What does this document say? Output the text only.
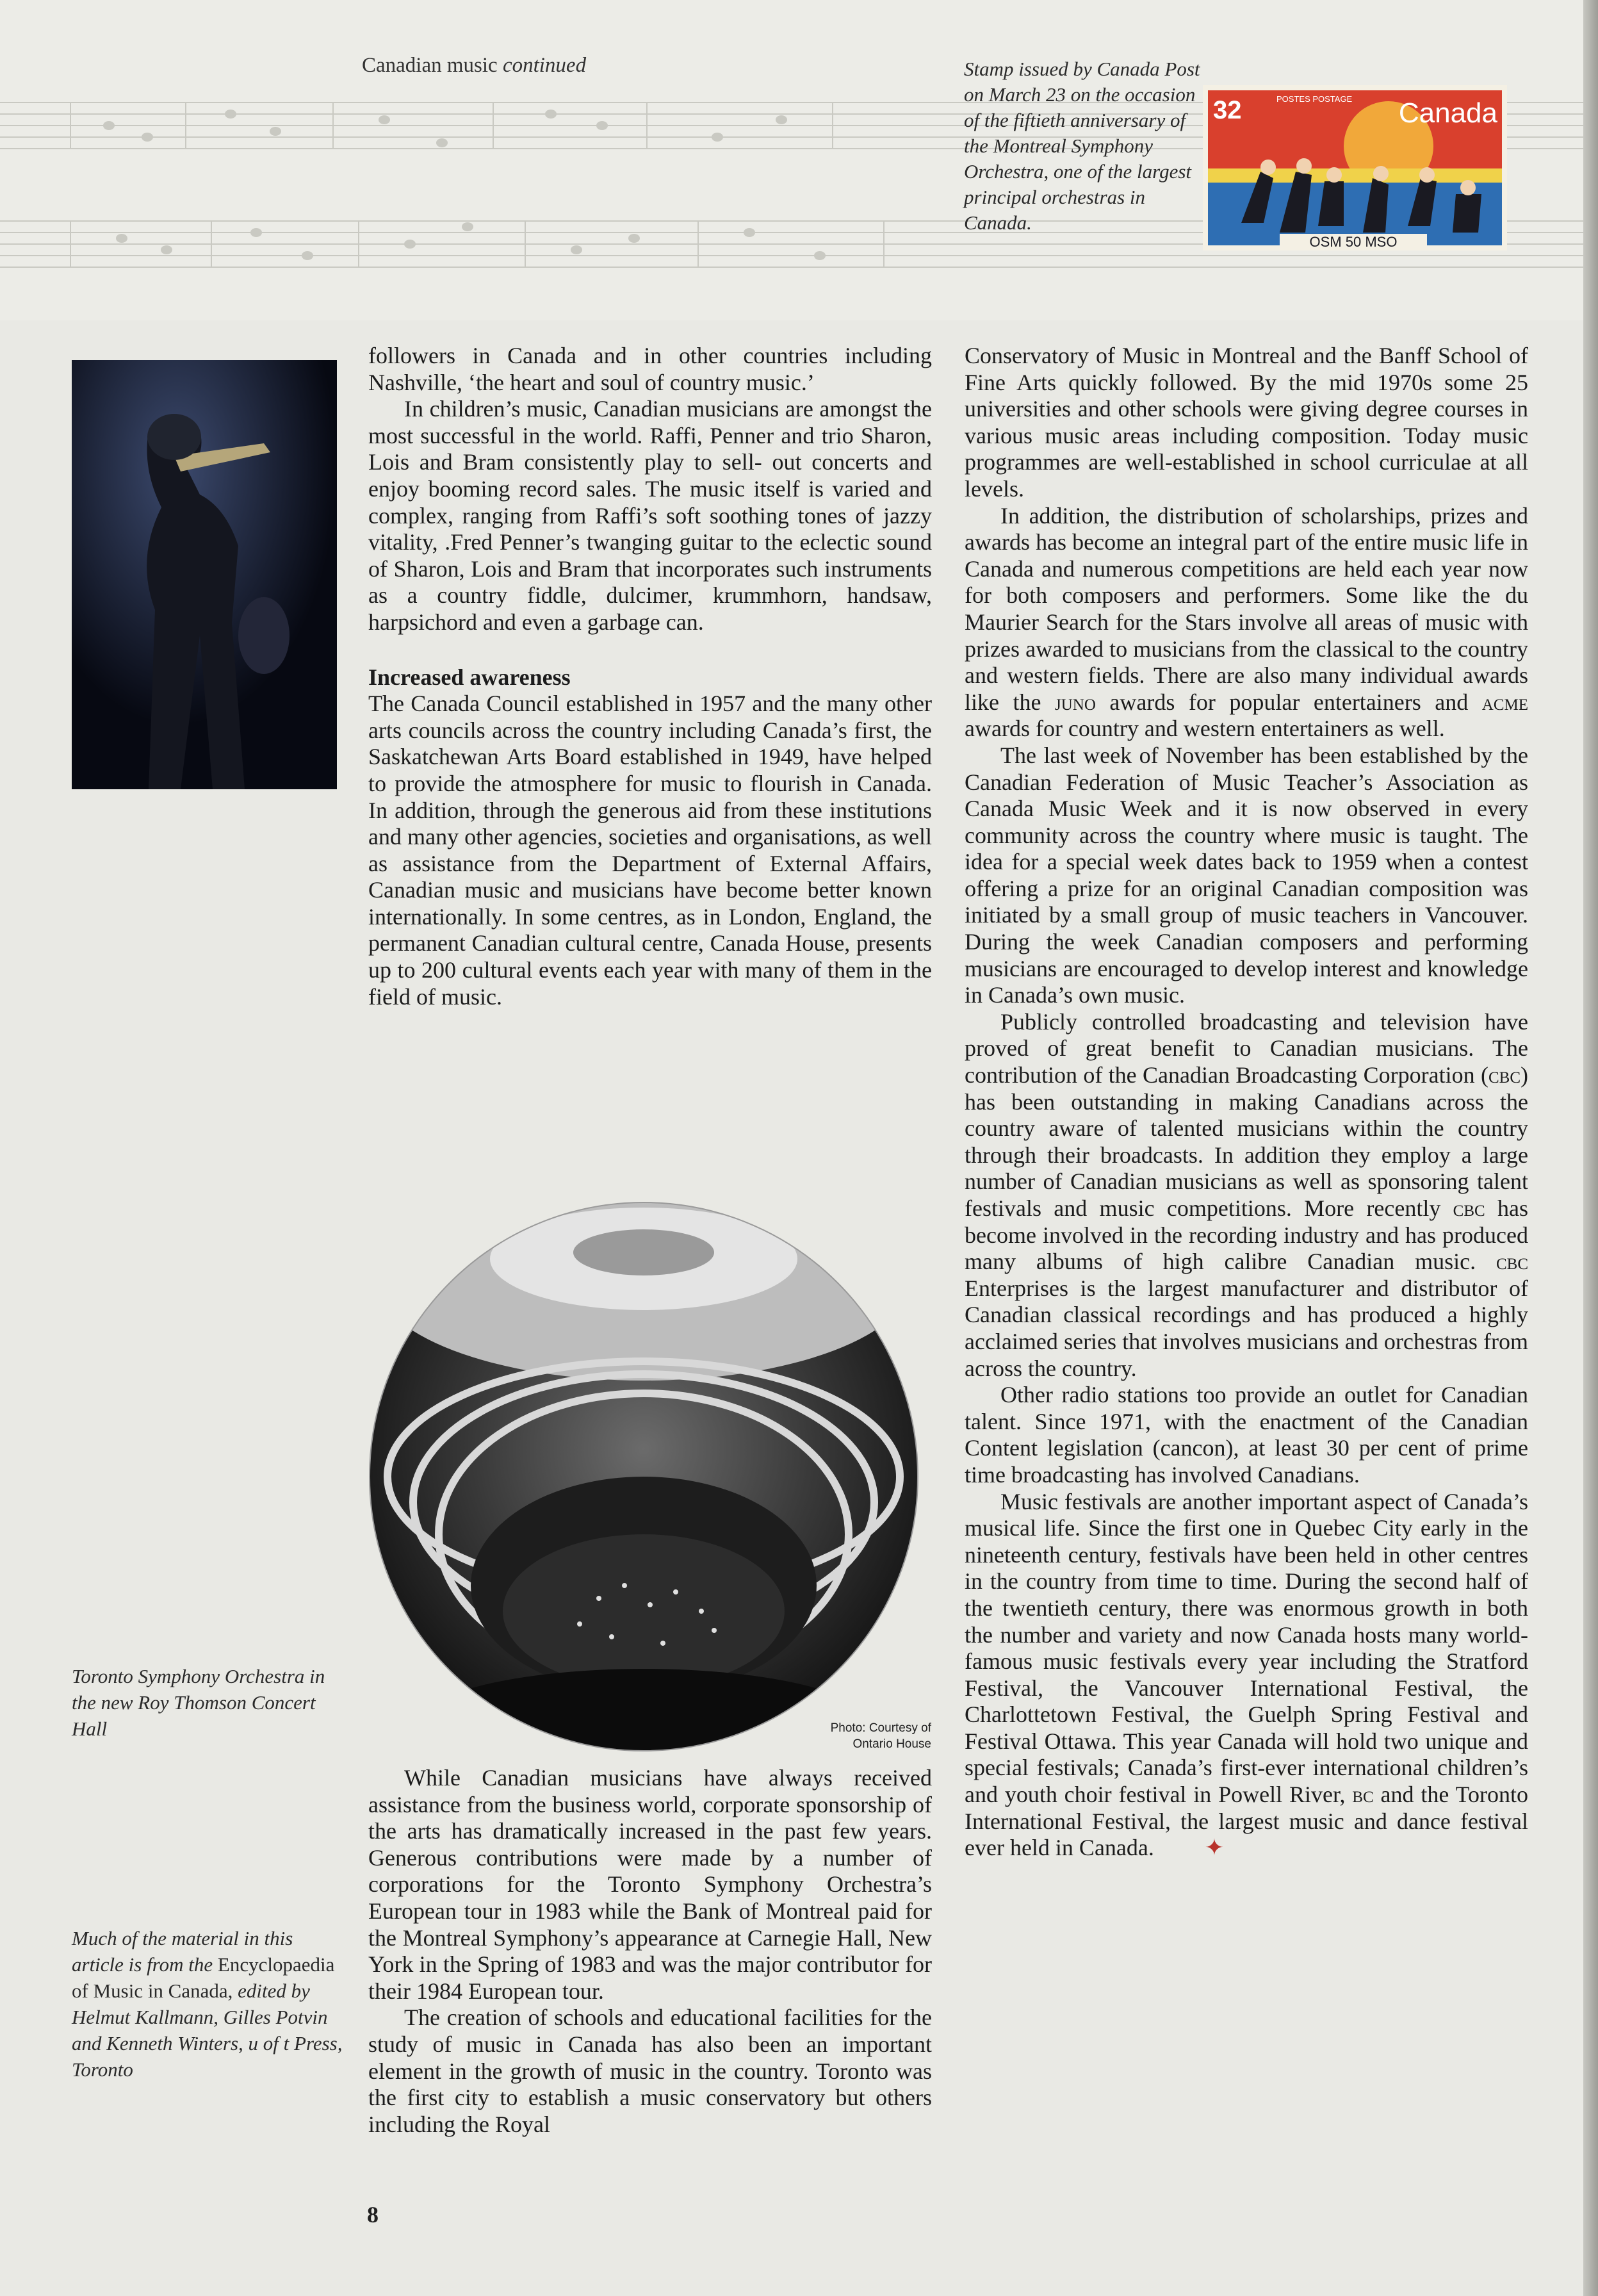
Canadian music continued	Stamp issued by Canada Post on March 23 on the occasion of the fiftieth anniversary of the Montreal Symphony Orchestra, one of the largest principal orchestras in Canada.
32	POSTES POSTAGE Canada
OSM 50 MSO
Photo: Courtesy of Ontario House
Toronto Symphony Orchestra in the new Roy Thomson Concert Hall
Much of the material in this article is from the Encyclopaedia of Music in Canada, edited by Helmut Kallmann, Gilles Potvin and Kenneth Winters, u of t Press, Toronto

followers in Canada and in other countries including Nashville, ‘the heart and soul of country music.’

In children’s music, Canadian musicians are amongst the most successful in the world. Raffi, Penner and trio Sharon, Lois and Bram consistently play to sell- out concerts and enjoy booming record sales. The music itself is varied and complex, ranging from Raffi’s soft soothing tones of jazzy vitality, .Fred Penner’s twanging guitar to the eclectic sound of Sharon, Lois and Bram that incorporates such instruments as a country fiddle, dulcimer, krummhorn, handsaw, harpsichord and even a garbage can.

Increased awareness

The Canada Council established in 1957 and the many other arts councils across the country including Canada’s first, the Saskatchewan Arts Board established in 1949, have helped to provide the atmosphere for music to flourish in Canada. In addition, through the generous aid from these institutions and many other agencies, societies and organisations, as well as assistance from the Department of External Affairs, Canadian music and musicians have become better known internationally. In some centres, as in London, England, the permanent Canadian cultural centre, Canada House, presents up to 200 cultural events each year with many of them in the field of music.

While Canadian musicians have always received assistance from the business world, corporate sponsorship of the arts has dramatically increased in the past few years. Generous contributions were made by a number of corporations for the Toronto Symphony Orchestra’s European tour in 1983 while the Bank of Montreal paid for the Montreal Symphony’s appearance at Carnegie Hall, New York in the Spring of 1983 and was the major contributor for their 1984 European tour.

The creation of schools and educational facilities for the study of music in Canada has also been an important element in the growth of music in the country. Toronto was the first city to establish a music conservatory but others including the Royal

Conservatory of Music in Montreal and the Banff School of Fine Arts quickly followed. By the mid 1970s some 25 universities and other schools were giving degree courses in various music areas including composition. Today music programmes are well-established in school curriculae at all levels.

In addition, the distribution of scholarships, prizes and awards has become an integral part of the entire music life in Canada and numerous competitions are held each year now for both composers and performers. Some like the du Maurier Search for the Stars involve all areas of music with prizes awarded to musicians from the classical to the country and western fields. There are also many individual awards like the juno awards for popular entertainers and acme awards for country and western entertainers as well.

The last week of November has been established by the Canadian Federation of Music Teacher’s Association as Canada Music Week and it is now observed in every community across the country where music is taught. The idea for a special week dates back to 1959 when a contest offering a prize for an original Canadian composition was initiated by a small group of music teachers in Vancouver. During the week Canadian composers and performing musicians are encouraged to develop interest and knowledge in Canada’s own music.

Publicly controlled broadcasting and television have proved of great benefit to Canadian musicians. The contribution of the Canadian Broadcasting Corporation (cbc) has been outstanding in making Canadians across the country aware of talented musicians within the country through their broadcasts. In addition they employ a large number of Canadian musicians as well as sponsoring talent festivals and music competitions. More recently cbc has become involved in the recording industry and has produced many albums of high calibre Canadian music. cbc Enterprises is the largest manufacturer and distributor of Canadian classical recordings and has produced a highly acclaimed series that involves musicians and orchestras from across the country.

Other radio stations too provide an outlet for Canadian talent. Since 1971, with the enactment of the Canadian Content legislation (cancon), at least 30 per cent of prime time broadcasting has involved Canadians.

Music festivals are another important aspect of Canada’s musical life. Since the first one in Quebec City early in the nineteenth century, festivals have been held in other centres in the country from time to time. During the second half of the twentieth century, there was enormous growth in both the number and variety and now Canada hosts many world-famous music festivals every year including the Stratford Festival, the Vancouver International Festival, the Charlottetown Festival, the Guelph Spring Festival and Festival Ottawa. This year Canada will hold two unique and special festivals; Canada’s first-ever international children’s and youth choir festival in Powell River, bc and the Toronto International Festival, the largest music and dance festival ever held in Canada. ✦

8
